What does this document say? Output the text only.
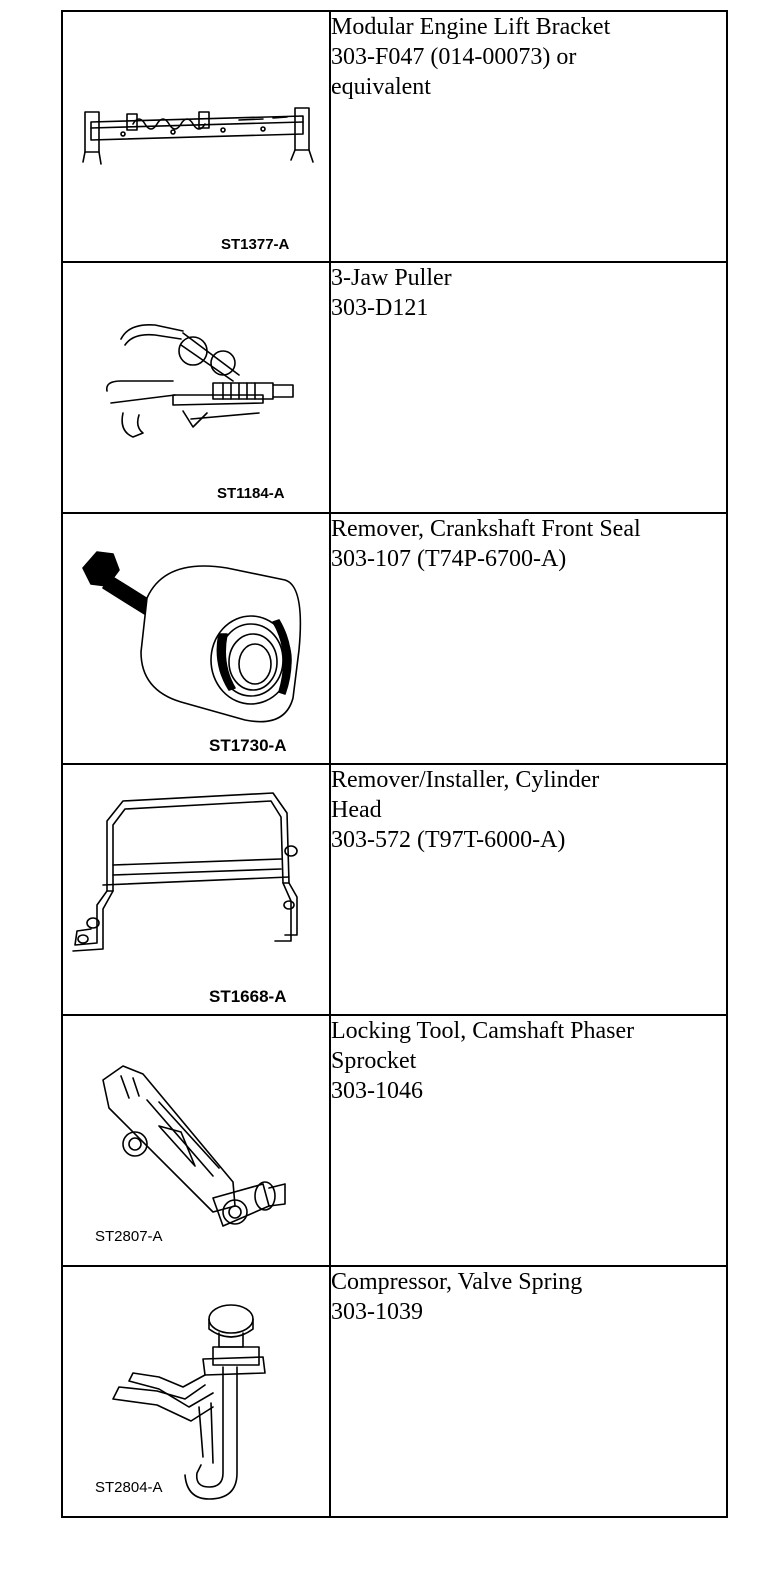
ST1377-A	Modular Engine Lift Bracket
303-F047 (014-00073) or
equivalent

ST1184-A	3-Jaw Puller
303-D121

ST1730-A	Remover, Crankshaft Front Seal
303-107 (T74P-6700-A)

ST1668-A	Remover/Installer, Cylinder
Head
303-572 (T97T-6000-A)

ST2807-A	Locking Tool, Camshaft Phaser
Sprocket
303-1046

ST2804-A	Compressor, Valve Spring
303-1039
